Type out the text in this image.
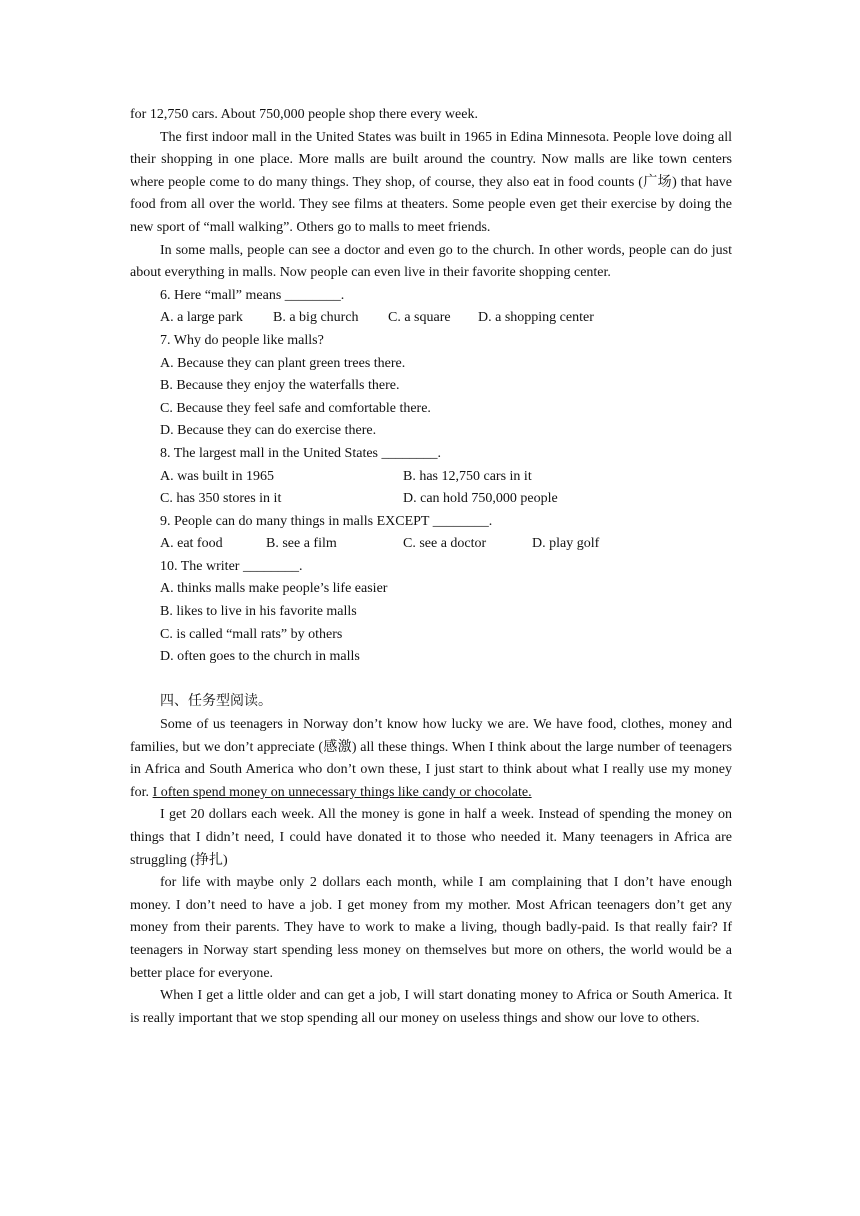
for 12,750 cars. About 750,000 people shop there every week.

The first indoor mall in the United States was built in 1965 in Edina Minnesota. People love doing all their shopping in one place. More malls are built around the country. Now malls are like town centers where people come to do many things. They shop, of course, they also eat in food counts (广场) that have food from all over the world. They see films at theaters. Some people even get their exercise by doing the new sport of “mall walking”. Others go to malls to meet friends.

In some malls, people can see a doctor and even go to the church. In other words, people can do just about everything in malls. Now people can even live in their favorite shopping center.

6. Here “mall” means ________.

A. a large park	B. a big church	C. a square	D. a shopping center

7. Why do people like malls?

A. Because they can plant green trees there.

B. Because they enjoy the waterfalls there.

C. Because they feel safe and comfortable there.

D. Because they can do exercise there.

8. The largest mall in the United States ________.

A. was built in 1965	B. has 12,750 cars in it
C. has 350 stores in it	D. can hold 750,000 people

9. People can do many things in malls EXCEPT ________.

A. eat food	B. see a film	C. see a doctor	D. play golf

10. The writer ________.

A. thinks malls make people’s life easier

B. likes to live in his favorite malls

C. is called “mall rats” by others

D. often goes to the church in malls

四、任务型阅读。

Some of us teenagers in Norway don’t know how lucky we are. We have food, clothes, money and families, but we don’t appreciate (感激) all these things. When I think about the large number of teenagers in Africa and South America who don’t own these, I just start to think about what I really use my money for. I often spend money on unnecessary things like candy or chocolate.

I get 20 dollars each week. All the money is gone in half a week. Instead of spending the money on things that I didn’t need, I could have donated it to those who needed it. Many teenagers in Africa are struggling (挣扎)

for life with maybe only 2 dollars each month, while I am complaining that I don’t have enough money. I don’t need to have a job. I get money from my mother. Most African teenagers don’t get any money from their parents. They have to work to make a living, though badly-paid. Is that really fair? If teenagers in Norway start spending less money on themselves but more on others, the world would be a better place for everyone.

When I get a little older and can get a job, I will start donating money to Africa or South America. It is really important that we stop spending all our money on useless things and show our love to others.
